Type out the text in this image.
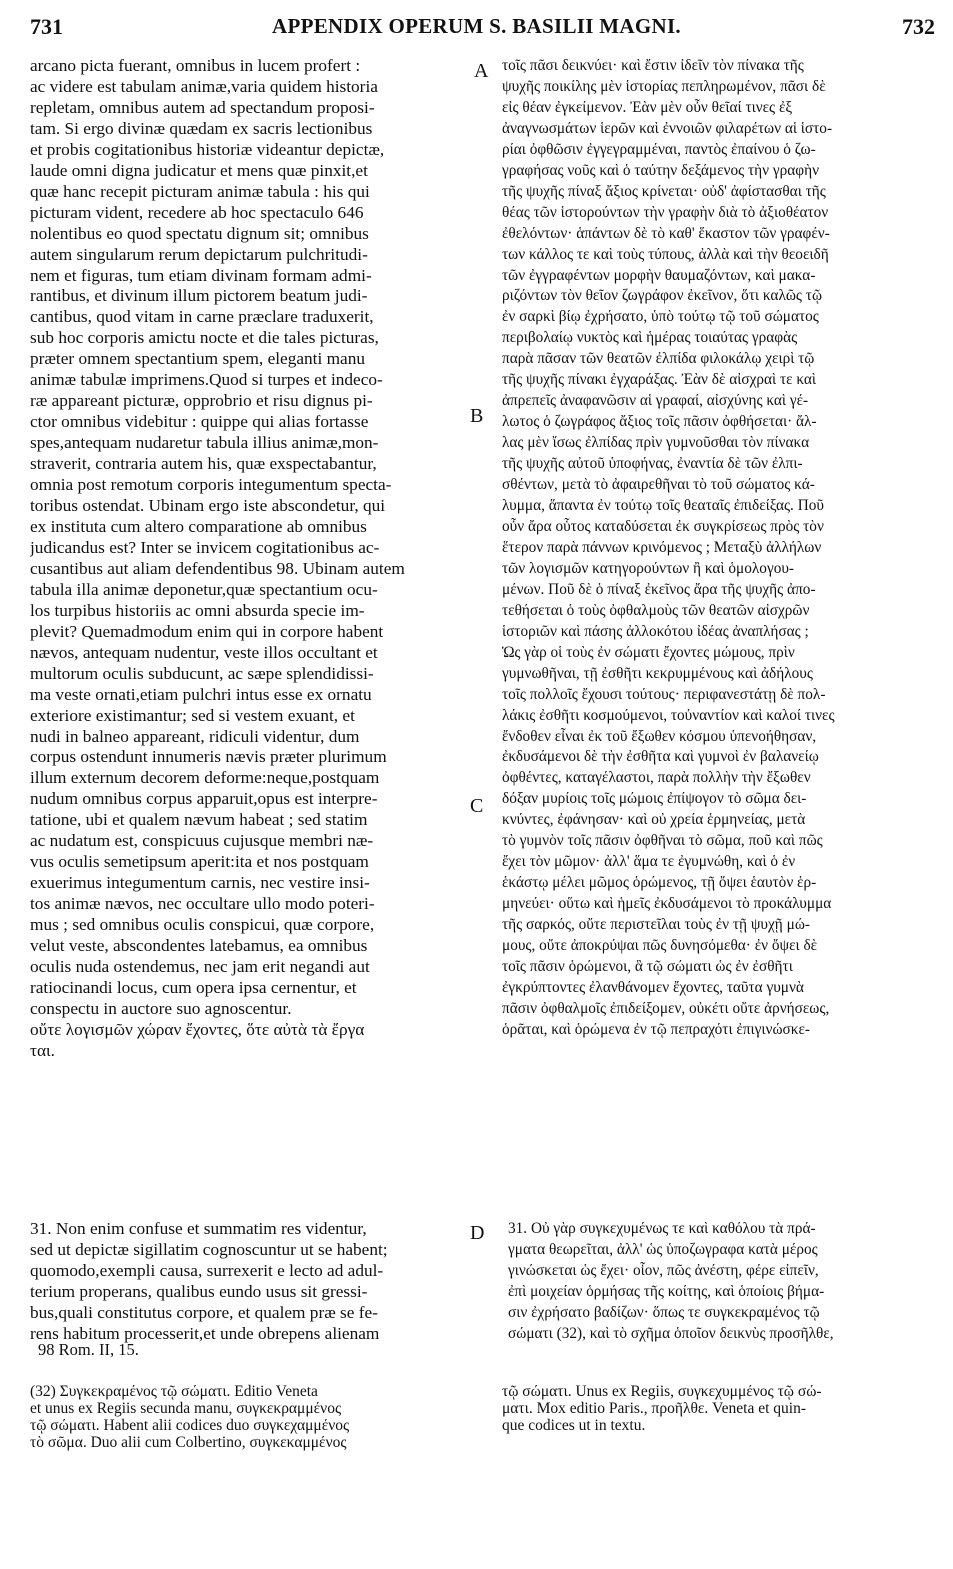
731	APPENDIX OPERUM S. BASILII MAGNI.	732
arcano picta fuerant, omnibus in lucem profert :
ac videre est tabulam animæ,varia quidem historia
repletam, omnibus autem ad spectandum proposi-
tam. Si ergo divinæ quædam ex sacris lectionibus
et probis cogitationibus historiæ videantur depictæ,
laude omni digna judicatur et mens quæ pinxit,et
quæ hanc recepit picturam animæ tabula : his qui
picturam vident, recedere ab hoc spectaculo 646
nolentibus eo quod spectatu dignum sit; omnibus
autem singularum rerum depictarum pulchritudi-
nem et figuras, tum etiam divinam formam admi-
rantibus, et divinum illum pictorem beatum judi-
cantibus, quod vitam in carne præclare traduxerit,
sub hoc corporis amictu nocte et die tales picturas,
præter omnem spectantium spem, eleganti manu
animæ tabulæ imprimens.Quod si turpes et indeco-
ræ appareant picturæ, opprobrio et risu dignus pi-
ctor omnibus videbitur : quippe qui alias fortasse
spes,antequam nudaretur tabula illius animæ,mon-
straverit, contraria autem his, quæ exspectabantur,
omnia post remotum corporis integumentum specta-
toribus ostendat. Ubinam ergo iste abscondetur, qui
ex instituta cum altero comparatione ab omnibus
judicandus est? Inter se invicem cogitationibus ac-
cusantibus aut aliam defendentibus 98. Ubinam autem
tabula illa animæ deponetur,quæ spectantium ocu-
los turpibus historiis ac omni absurda specie im-
plevit? Quemadmodum enim qui in corpore habent
nævos, antequam nudentur, veste illos occultant et
multorum oculis subducunt, ac sæpe splendidissi-
ma veste ornati,etiam pulchri intus esse ex ornatu
exteriore existimantur; sed si vestem exuant, et
nudi in balneo appareant, ridiculi videntur, dum
corpus ostendunt innumeris nævis præter plurimum
illum externum decorem deforme:neque,postquam
nudum omnibus corpus apparuit,opus est interpre-
tatione, ubi et qualem nævum habeat ; sed statim
ac nudatum est, conspicuus cujusque membri næ-
vus oculis semetipsum aperit:ita et nos postquam
exuerimus integumentum carnis, nec vestire insi-
tos animæ nævos, nec occultare ullo modo poteri-
mus ; sed omnibus oculis conspicui, quæ corpore,
velut veste, abscondentes latebamus, ea omnibus
oculis nuda ostendemus, nec jam erit negandi aut
ratiocinandi locus, cum opera ipsa cernentur, et
conspectu in auctore suo agnoscentur.
οὔτε λογισμῶν χώραν ἔχοντες, ὅτε αὐτὰ τὰ ἔργα
ται.
τοῖς πᾶσι δεικνύει· καὶ ἔστιν ἰδεῖν τὸν πίνακα τῆς
ψυχῆς ποικίλης μὲν ἱστορίας πεπληρωμένον, πᾶσι δὲ
εἰς θέαν ἐγκείμενον. Ἐὰν μὲν οὖν θεῖαί τινες ἐξ
ἀναγνωσμάτων ἱερῶν καὶ ἐννοιῶν φιλαρέτων αἱ ἱστο-
ρίαι ὀφθῶσιν ἐγγεγραμμέναι, παντὸς ἐπαίνου ὁ ζω-
γραφήσας νοῦς καὶ ὁ ταύτην δεξάμενος τὴν γραφὴν
τῆς ψυχῆς πίναξ ἄξιος κρίνεται· οὐδ' ἀφίστασθαι τῆς
θέας τῶν ἱστορούντων τὴν γραφὴν διὰ τὸ ἀξιοθέατον
ἐθελόντων· ἁπάντων δὲ τὸ καθ' ἕκαστον τῶν γραφέν-
των κάλλος τε καὶ τοὺς τύπους, ἀλλὰ καὶ τὴν θεοειδῆ
τῶν ἐγγραφέντων μορφὴν θαυμαζόντων, καὶ μακα-
ριζόντων τὸν θεῖον ζωγράφον ἐκεῖνον, ὅτι καλῶς τῷ
ἐν σαρκὶ βίῳ ἐχρήσατο, ὑπὸ τούτῳ τῷ τοῦ σώματος
περιβολαίῳ νυκτὸς καὶ ἡμέρας τοιαύτας γραφὰς
παρὰ πᾶσαν τῶν θεατῶν ἐλπίδα φιλοκάλῳ χειρὶ τῷ
τῆς ψυχῆς πίνακι ἐγχαράξας. Ἐὰν δὲ αἰσχραὶ τε καὶ
ἀπρεπεῖς ἀναφανῶσιν αἱ γραφαί, αἰσχύνης καὶ γέ-
λωτος ὁ ζωγράφος ἄξιος τοῖς πᾶσιν ὀφθήσεται· ἄλ-
λας μὲν ἴσως ἐλπίδας πρὶν γυμνοῦσθαι τὸν πίνακα
τῆς ψυχῆς αὐτοῦ ὑποφήνας, ἐναντία δὲ τῶν ἐλπι-
σθέντων, μετὰ τὸ ἀφαιρεθῆναι τὸ τοῦ σώματος κά-
λυμμα, ἅπαντα ἐν τούτῳ τοῖς θεαταῖς ἐπιδείξας. Ποῦ
οὖν ἄρα οὗτος καταδύσεται ἐκ συγκρίσεως πρὸς τὸν
ἕτερον παρὰ πάννων κρινόμενος ; Μεταξὺ ἀλλήλων
τῶν λογισμῶν κατηγορούντων ἢ καὶ ὁμολογου-
μένων. Ποῦ δὲ ὁ πίναξ ἐκεῖνος ἄρα τῆς ψυχῆς ἀπο-
τεθήσεται ὁ τοὺς ὀφθαλμοὺς τῶν θεατῶν αἰσχρῶν
ἱστοριῶν καὶ πάσης ἀλλοκότου ἰδέας ἀναπλήσας ;
Ὡς γὰρ οἱ τοὺς ἐν σώματι ἔχοντες μώμους, πρὶν
γυμνωθῆναι, τῇ ἐσθῆτι κεκρυμμένους καὶ ἀδήλους
τοῖς πολλοῖς ἔχουσι τούτους· περιφανεστάτῃ δὲ πολ-
λάκις ἐσθῆτι κοσμούμενοι, τοὐναντίον καὶ καλοί τινες
ἔνδοθεν εἶναι ἐκ τοῦ ἔξωθεν κόσμου ὑπενοήθησαν,
ἐκδυσάμενοι δὲ τὴν ἐσθῆτα καὶ γυμνοὶ ἐν βαλανείῳ
ὀφθέντες, καταγέλαστοι, παρὰ πολλὴν τὴν ἔξωθεν
δόξαν μυρίοις τοῖς μώμοις ἐπίψογον τὸ σῶμα δει-
κνύντες, ἐφάνησαν· καὶ οὐ χρεία ἑρμηνείας, μετὰ
τὸ γυμνὸν τοῖς πᾶσιν ὀφθῆναι τὸ σῶμα, ποῦ καὶ πῶς
ἔχει τὸν μῶμον· ἀλλ' ἅμα τε ἐγυμνώθη, καὶ ὁ ἐν
ἑκάστῳ μέλει μῶμος ὁρώμενος, τῇ ὄψει ἑαυτὸν ἑρ-
μηνεύει· οὕτω καὶ ἡμεῖς ἐκδυσάμενοι τὸ προκάλυμμα
τῆς σαρκός, οὔτε περιστεῖλαι τοὺς ἐν τῇ ψυχῇ μώ-
μους, οὔτε ἀποκρύψαι πῶς δυνησόμεθα· ἐν ὄψει δὲ
τοῖς πᾶσιν ὁρώμενοι, ἃ τῷ σώματι ὡς ἐν ἐσθῆτι
ἐγκρύπτοντες ἐλανθάνομεν ἔχοντες, ταῦτα γυμνὰ
πᾶσιν ὀφθαλμοῖς ἐπιδείξομεν, οὐκέτι οὔτε ἀρνήσεως,
ὁρᾶται, καὶ ὁρώμενα ἐν τῷ πεπραχότι ἐπιγινώσκε-
A
B
C
D
31. Non enim confuse et summatim res videntur,
sed ut depictæ sigillatim cognoscuntur ut se habent;
quomodo,exempli causa, surrexerit e lecto ad adul-
terium properans, qualibus eundo usus sit gressi-
bus,quali constitutus corpore, et qualem præ se fe-
rens habitum processerit,et unde obrepens alienam
31. Οὐ γὰρ συγκεχυμένως τε καὶ καθόλου τὰ πρά-
γματα θεωρεῖται, ἀλλ' ὡς ὑποζωγραφα κατὰ μέρος
γινώσκεται ὡς ἔχει· οἷον, πῶς ἀνέστη, φέρε εἰπεῖν,
ἐπὶ μοιχείαν ὁρμήσας τῆς κοίτης, καὶ ὁποίοις βήμα-
σιν ἐχρήσατο βαδίζων· ὅπως τε συγκεκραμένος τῷ
σώματι (32), καὶ τὸ σχῆμα ὁποῖον δεικνὺς προσῆλθε,
98 Rom. II, 15.
(32) Συγκεκραμένος τῷ σώματι. Editio Veneta
et unus ex Regiis secunda manu, συγκεκραμμένος
τῷ σώματι. Habent alii codices duo συγκεχαμμένος
τὸ σῶμα. Duo alii cum Colbertino, συγκεκαμμένος
τῷ σώματι. Unus ex Regiis, συγκεχυμμένος τῷ σώ-
ματι. Mox editio Paris., προῆλθε. Veneta et quin-
que codices ut in textu.
